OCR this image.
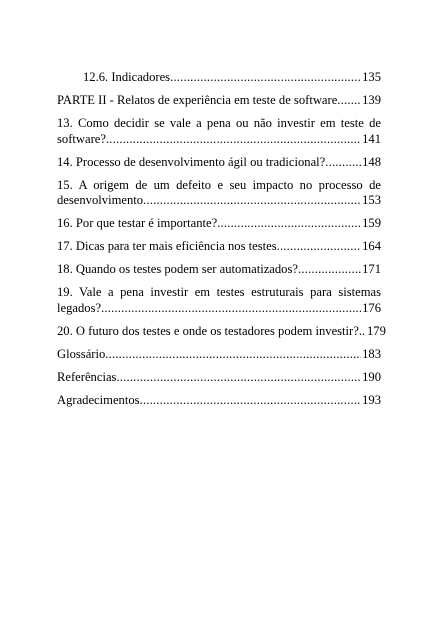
12.6. Indicadores .....	135
PARTE II - Relatos de experiência em teste de software ..... 139
13. Como decidir se vale a pena ou não investir em teste de
software? .....	141
14. Processo de desenvolvimento ágil ou tradicional? .....	148
15. A origem de um defeito e seu impacto no processo de
desenvolvimento .....	153
16. Por que testar é importante? .....	159
17. Dicas para ter mais eficiência nos testes .....	164
18. Quando os testes podem ser automatizados? .....	171
19. Vale a pena investir em testes estruturais para sistemas
legados? .....	176
20. O futuro dos testes e onde os testadores podem investir?. ..... 179
Glossário .....	183
Referências .....	190
Agradecimentos .....	193
